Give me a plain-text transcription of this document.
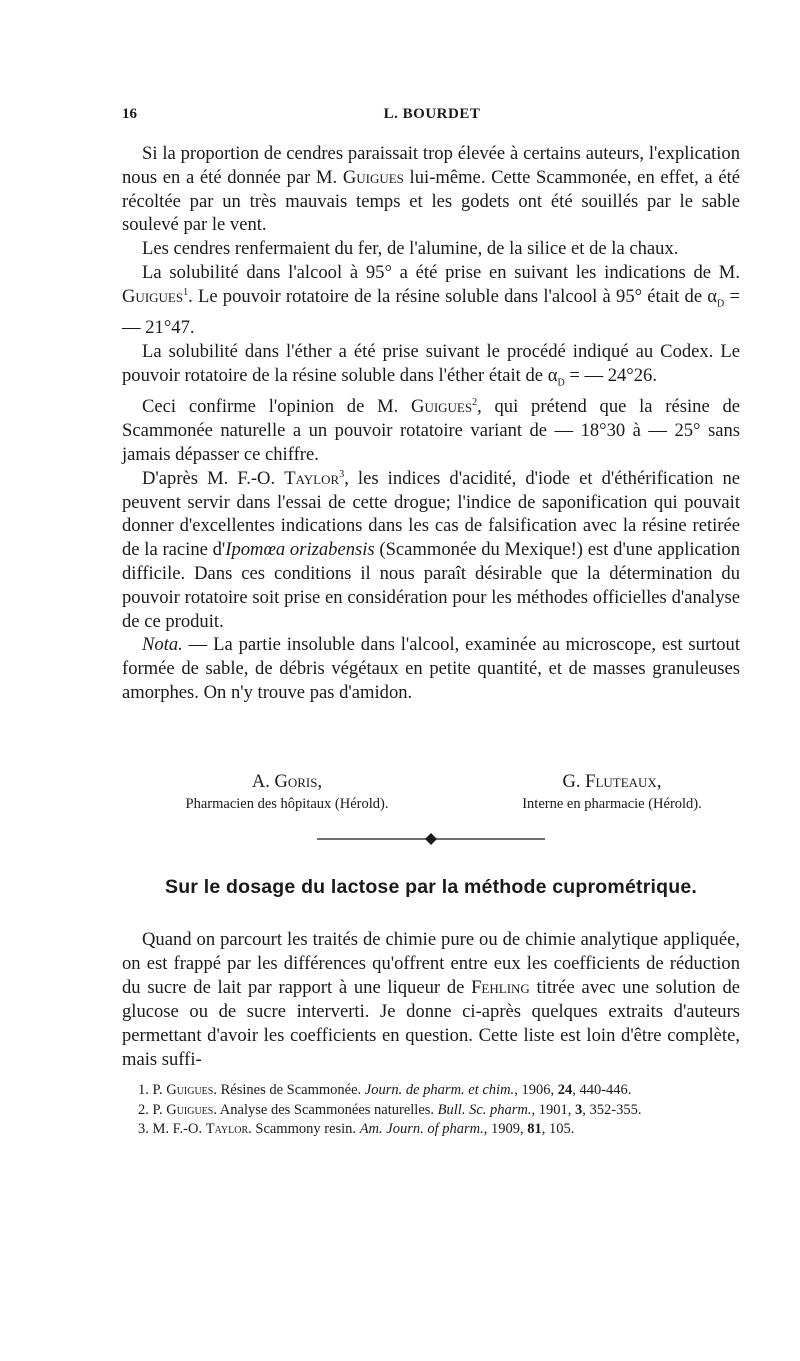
16	L. BOURDET

Si la proportion de cendres paraissait trop élevée à certains auteurs, l'explication nous en a été donnée par M. Guigues lui-même. Cette Scammonée, en effet, a été récoltée par un très mauvais temps et les godets ont été souillés par le sable soulevé par le vent.

Les cendres renfermaient du fer, de l'alumine, de la silice et de la chaux.

La solubilité dans l'alcool à 95° a été prise en suivant les indications de M. Guigues$^1$. Le pouvoir rotatoire de la résine soluble dans l'alcool à 95° était de $\alpha_D$ = — 21°47.

La solubilité dans l'éther a été prise suivant le procédé indiqué au Codex. Le pouvoir rotatoire de la résine soluble dans l'éther était de $\alpha_D$ = — 24°26.

Ceci confirme l'opinion de M. Guigues$^2$, qui prétend que la résine de Scammonée naturelle a un pouvoir rotatoire variant de — 18°30 à — 25° sans jamais dépasser ce chiffre.

D'après M. F.-O. Taylor$^3$, les indices d'acidité, d'iode et d'éthérification ne peuvent servir dans l'essai de cette drogue; l'indice de saponification qui pouvait donner d'excellentes indications dans les cas de falsification avec la résine retirée de la racine d'Ipomœa orizabensis (Scammonée du Mexique!) est d'une application difficile. Dans ces conditions il nous paraît désirable que la détermination du pouvoir rotatoire soit prise en considération pour les méthodes officielles d'analyse de ce produit.

Nota. — La partie insoluble dans l'alcool, examinée au microscope, est surtout formée de sable, de débris végétaux en petite quantité, et de masses granuleuses amorphes. On n'y trouve pas d'amidon.

A. Goris,
Pharmacien des hôpitaux (Hérold).
G. Fluteaux,
Interne en pharmacie (Hérold).
Sur le dosage du lactose par la méthode cuprométrique.

Quand on parcourt les traités de chimie pure ou de chimie analytique appliquée, on est frappé par les différences qu'offrent entre eux les coefficients de réduction du sucre de lait par rapport à une liqueur de Fehling titrée avec une solution de glucose ou de sucre interverti. Je donne ci-après quelques extraits d'auteurs permettant d'avoir les coefficients en question. Cette liste est loin d'être complète, mais suffi-

1. P. Guigues. Résines de Scammonée. Journ. de pharm. et chim., 1906, 24, 440-446.

2. P. Guigues. Analyse des Scammonées naturelles. Bull. Sc. pharm., 1901, 3, 352-355.

3. M. F.-O. Taylor. Scammony resin. Am. Journ. of pharm., 1909, 81, 105.
